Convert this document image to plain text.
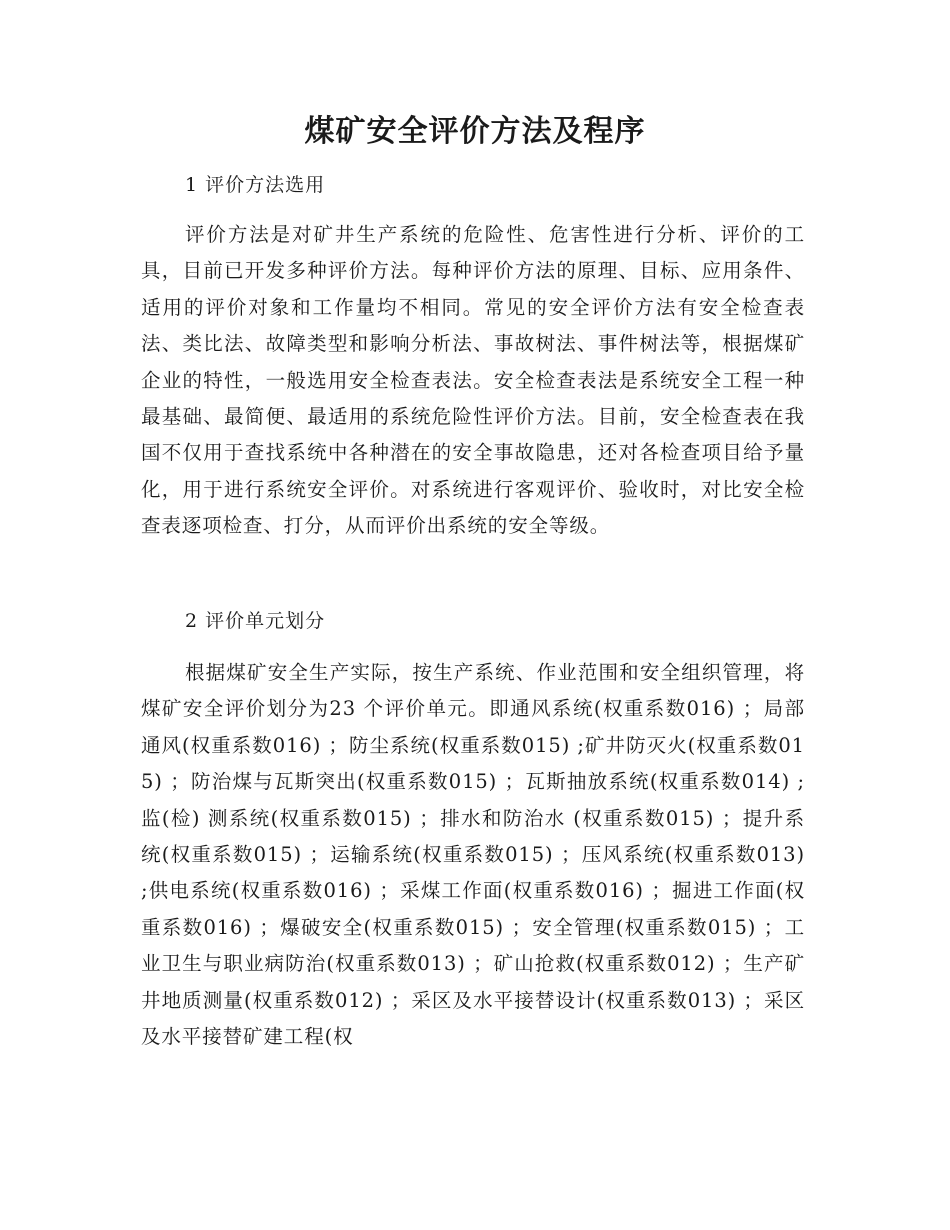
煤矿安全评价方法及程序

1 评价方法选用

评价方法是对矿井生产系统的危险性、危害性进行分析、评价的工具，目前已开发多种评价方法。每种评价方法的原理、目标、应用条件、适用的评价对象和工作量均不相同。常见的安全评价方法有安全检查表法、类比法、故障类型和影响分析法、事故树法、事件树法等，根据煤矿企业的特性，一般选用安全检查表法。安全检查表法是系统安全工程一种最基础、最简便、最适用的系统危险性评价方法。目前，安全检查表在我国不仅用于查找系统中各种潜在的安全事故隐患，还对各检查项目给予量化，用于进行系统安全评价。对系统进行客观评价、验收时，对比安全检查表逐项检查、打分，从而评价出系统的安全等级。

2 评价单元划分

根据煤矿安全生产实际，按生产系统、作业范围和安全组织管理，将煤矿安全评价划分为23 个评价单元。即通风系统(权重系数016) ；局部通风(权重系数016) ；防尘系统(权重系数015) ;矿井防灭火(权重系数015) ；防治煤与瓦斯突出(权重系数015) ；瓦斯抽放系统(权重系数014) ;监(检) 测系统(权重系数015) ；排水和防治水 (权重系数015) ；提升系统(权重系数015) ；运输系统(权重系数015) ；压风系统(权重系数013) ;供电系统(权重系数016) ；采煤工作面(权重系数016) ；掘进工作面(权重系数016) ；爆破安全(权重系数015) ；安全管理(权重系数015) ；工业卫生与职业病防治(权重系数013) ；矿山抢救(权重系数012) ；生产矿井地质测量(权重系数012) ；采区及水平接替设计(权重系数013) ；采区及水平接替矿建工程(权
